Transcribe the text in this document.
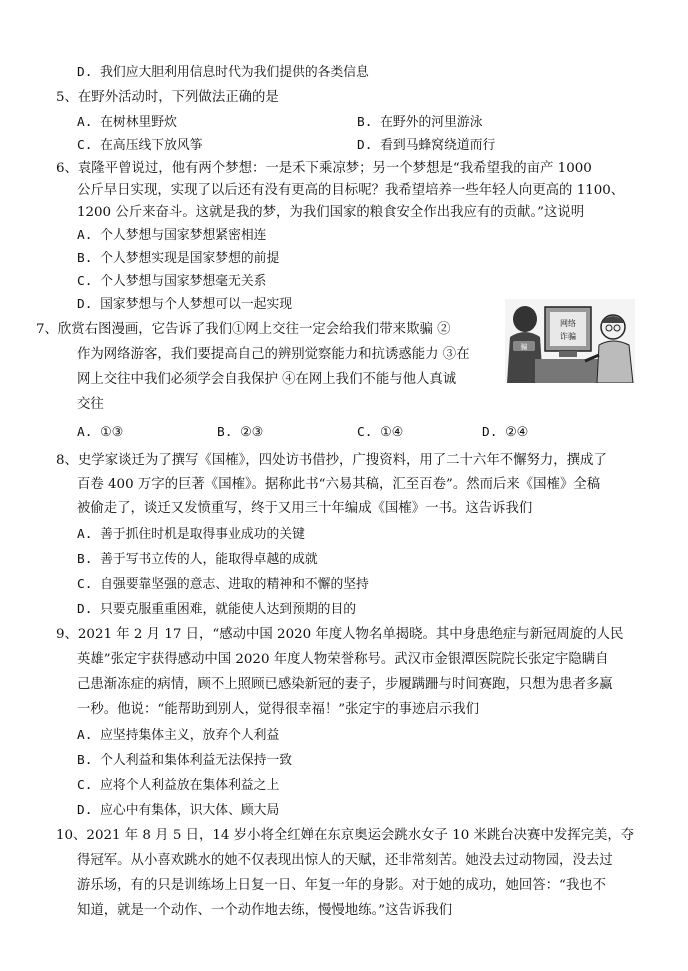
D. 我们应大胆利用信息时代为我们提供的各类信息
5、在野外活动时，下列做法正确的是
A. 在树林里野炊	B. 在野外的河里游泳
C. 在高压线下放风筝	D. 看到马蜂窝绕道而行
6、袁隆平曾说过，他有两个梦想：一是禾下乘凉梦；另一个梦想是“我希望我的亩产 1000
公斤早日实现，实现了以后还有没有更高的目标呢？我希望培养一些年轻人向更高的 1100、
1200 公斤来奋斗。这就是我的梦，为我们国家的粮食安全作出我应有的贡献。”这说明
A. 个人梦想与国家梦想紧密相连
B. 个人梦想实现是国家梦想的前提
C. 个人梦想与国家梦想毫无关系
D. 国家梦想与个人梦想可以一起实现
7、欣赏右图漫画，它告诉了我们①网上交往一定会给我们带来欺骗 ②
作为网络游客，我们要提高自己的辨别觉察能力和抗诱惑能力 ③在
网上交往中我们必须学会自我保护 ④在网上我们不能与他人真诚
交往
A. ①③	B. ②③	C. ①④	D. ②④
骗
网络
诈骗
8、史学家谈迁为了撰写《国榷》，四处访书借抄，广搜资料，用了二十六年不懈努力，撰成了
百卷 400 万字的巨著《国榷》。据称此书“六易其稿，汇至百卷”。然而后来《国榷》全稿
被偷走了，谈迁又发愤重写，终于又用三十年编成《国榷》一书。这告诉我们
A. 善于抓住时机是取得事业成功的关键
B. 善于写书立传的人，能取得卓越的成就
C. 自强要靠坚强的意志、进取的精神和不懈的坚持
D. 只要克服重重困难，就能使人达到预期的目的
9、2021 年 2 月 17 日，“感动中国 2020 年度人物名单揭晓。其中身患绝症与新冠周旋的人民
英雄”张定宇获得感动中国 2020 年度人物荣誉称号。武汉市金银潭医院院长张定宇隐瞒自
己患渐冻症的病情，顾不上照顾已感染新冠的妻子，步履蹒跚与时间赛跑，只想为患者多赢
一秒。他说：“能帮助到别人，觉得很幸福！”张定宇的事迹启示我们
A. 应坚持集体主义，放弃个人利益
B. 个人利益和集体利益无法保持一致
C. 应将个人利益放在集体利益之上
D. 应心中有集体，识大体、顾大局
10、2021 年 8 月 5 日，14 岁小将全红婵在东京奥运会跳水女子 10 米跳台决赛中发挥完美，夺
得冠军。从小喜欢跳水的她不仅表现出惊人的天赋，还非常刻苦。她没去过动物园，没去过
游乐场，有的只是训练场上日复一日、年复一年的身影。对于她的成功，她回答：“我也不
知道，就是一个动作、一个动作地去练，慢慢地练。”这告诉我们
